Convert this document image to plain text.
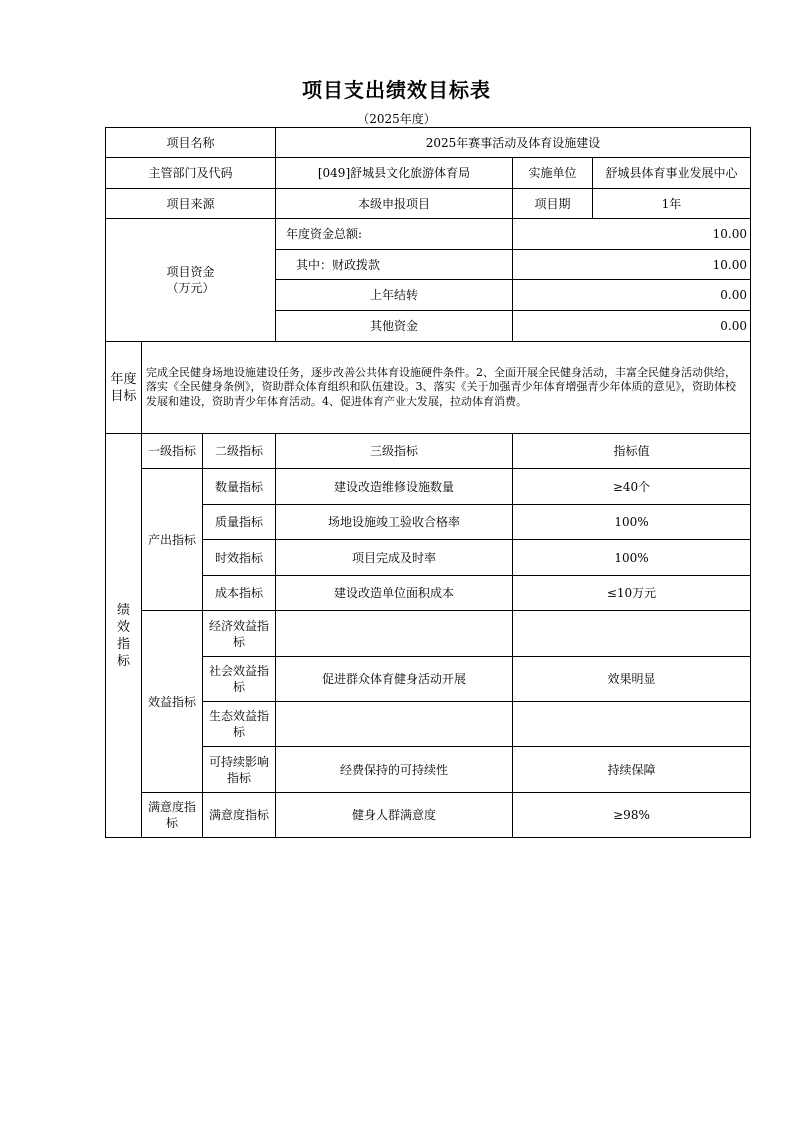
项目支出绩效目标表
（2025年度）
项目名称			2025年赛事活动及体育设施建设		
主管部门及代码			[049]舒城县文化旅游体育局	实施单位	舒城县体育事业发展中心
项目来源			本级申报项目	项目期	1年

项目资金
（万元）			年度资金总额:	10.00	
			其中：财政拨款	10.00	
			上年结转	0.00	
			其他资金	0.00	

年度目标	完成全民健身场地设施建设任务，逐步改善公共体育设施硬件条件。2、全面开展全民健身活动，丰富全民健身活动供给，落实《全民健身条例》，资助群众体育组织和队伍建设。3、落实《关于加强青少年体育增强青少年体质的意见》，资助体校发展和建设，资助青少年体育活动。4、促进体育产业大发展，拉动体育消费。				

绩效指标	一级指标	二级指标	三级指标	指标值	
	产出指标	数量指标	建设改造维修设施数量	≥40个	
		质量指标	场地设施竣工验收合格率	100%	
		时效指标	项目完成及时率	100%	
		成本指标	建设改造单位面积成本	≤10万元	
	效益指标	经济效益指标			
		社会效益指标	促进群众体育健身活动开展	效果明显	
		生态效益指标			
		可持续影响指标	经费保持的可持续性	持续保障	
	满意度指标	满意度指标	健身人群满意度	≥98%	
